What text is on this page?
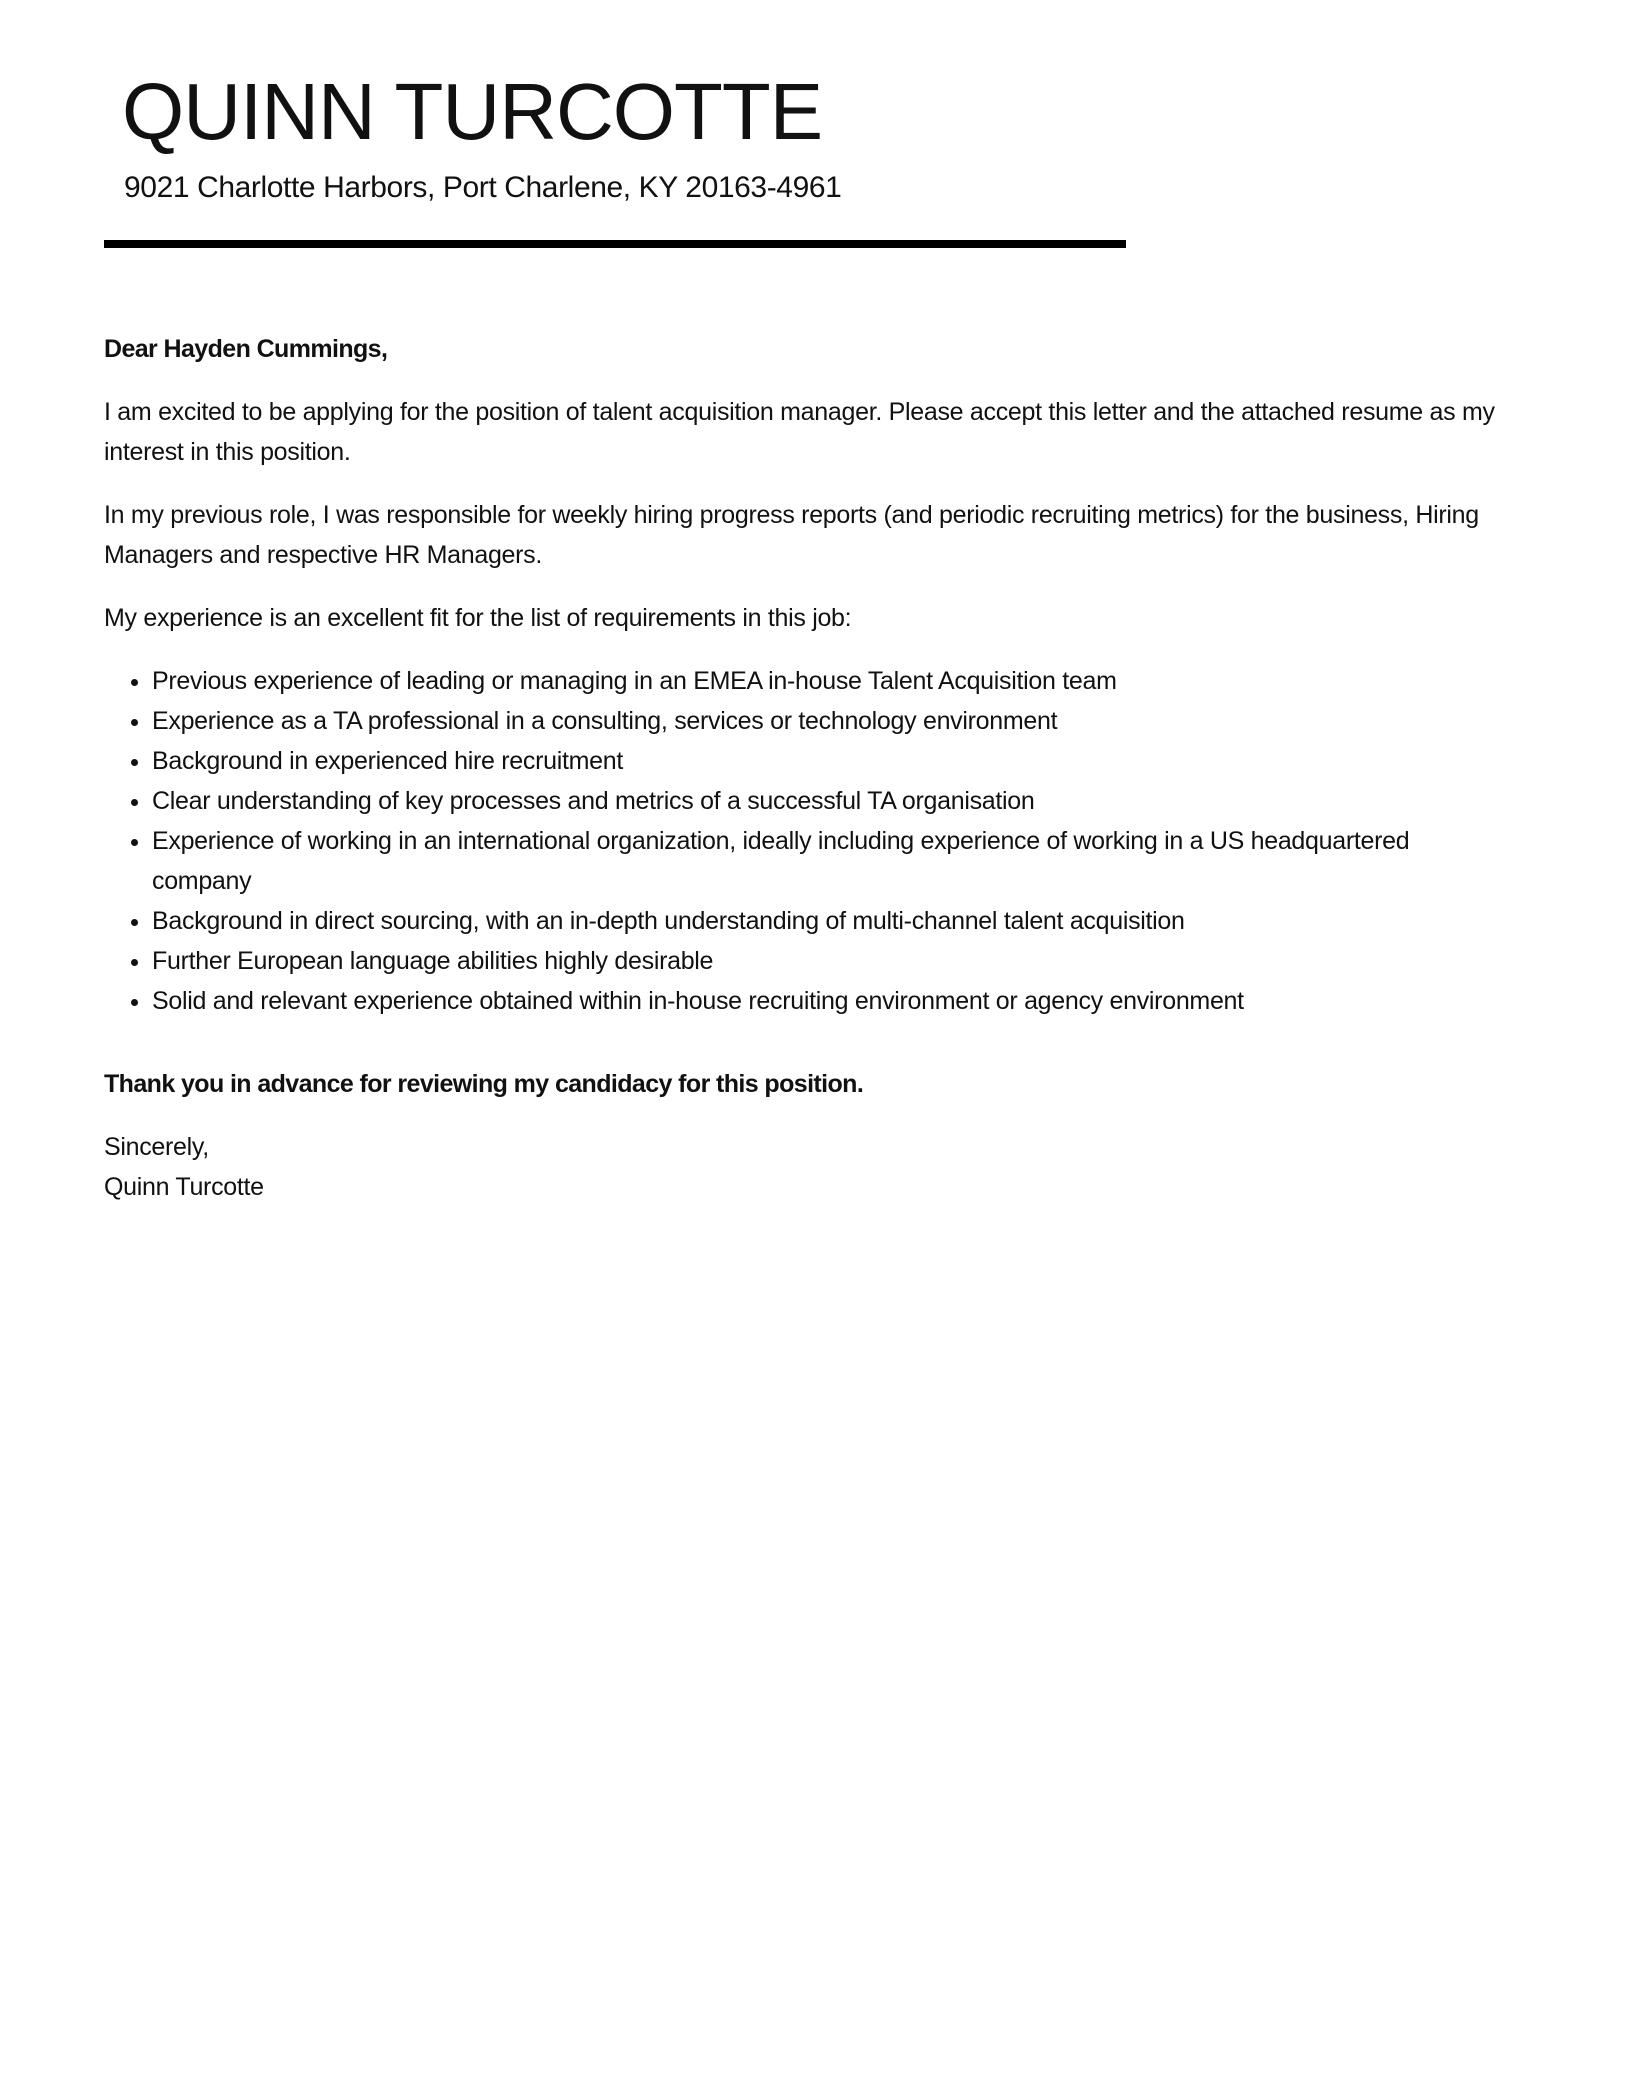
QUINN TURCOTTE
9021 Charlotte Harbors, Port Charlene, KY 20163-4961

Dear Hayden Cummings,

I am excited to be applying for the position of talent acquisition manager. Please accept this letter and the attached resume as my interest in this position.

In my previous role, I was responsible for weekly hiring progress reports (and periodic recruiting metrics) for the business, Hiring Managers and respective HR Managers.

My experience is an excellent fit for the list of requirements in this job:

• Previous experience of leading or managing in an EMEA in-house Talent Acquisition team
• Experience as a TA professional in a consulting, services or technology environment
• Background in experienced hire recruitment
• Clear understanding of key processes and metrics of a successful TA organisation
• Experience of working in an international organization, ideally including experience of working in a US headquartered company
• Background in direct sourcing, with an in-depth understanding of multi-channel talent acquisition
• Further European language abilities highly desirable
• Solid and relevant experience obtained within in-house recruiting environment or agency environment

Thank you in advance for reviewing my candidacy for this position.

Sincerely,
Quinn Turcotte
